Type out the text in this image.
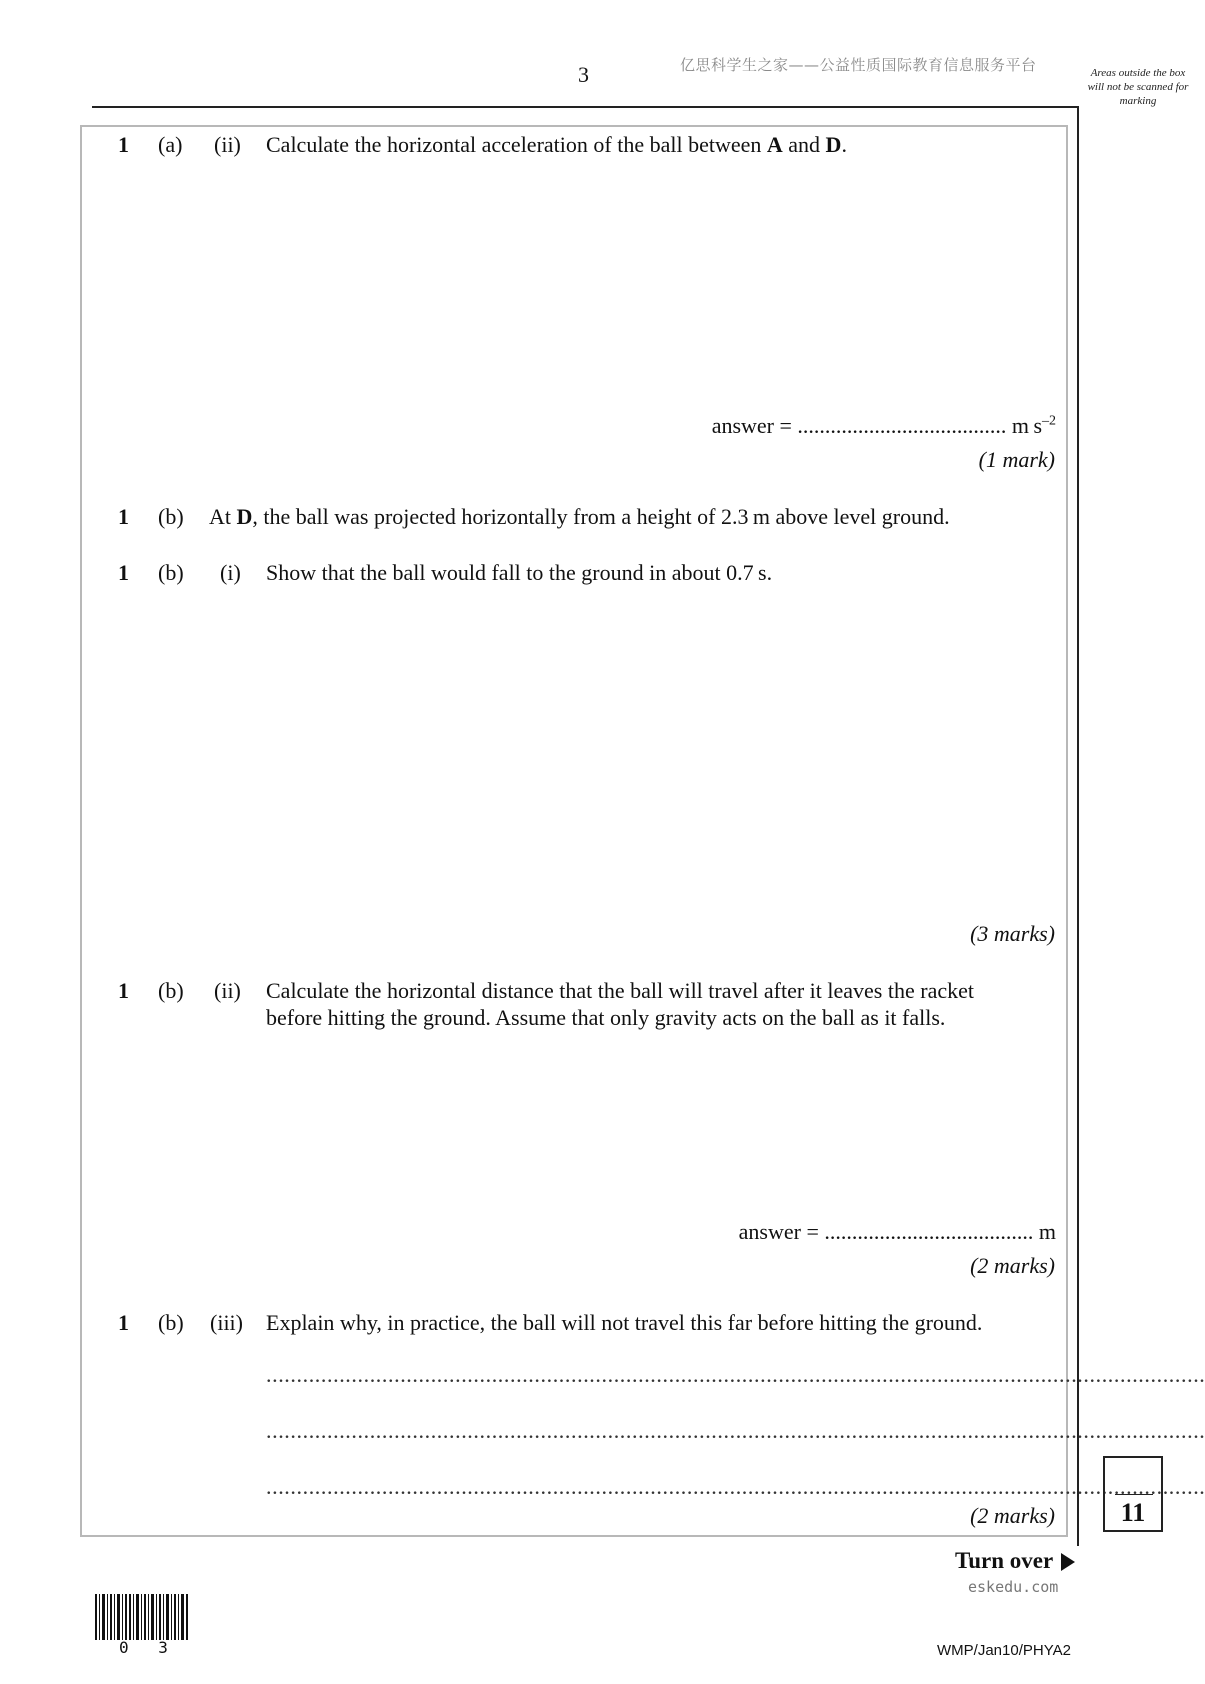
3	亿思科学生之家——公益性质国际教育信息服务平台	Areas outside the box will not be scanned for marking
1 (a) (ii) Calculate the horizontal acceleration of the ball between A and D.
answer = ...................................... m $s^{-2}$
(1 mark)
1 (b) At D, the ball was projected horizontally from a height of 2.3 m above level ground.
1 (b) (i) Show that the ball would fall to the ground in about 0.7 s.
(3 marks)
1 (b) (ii) Calculate the horizontal distance that the ball will travel after it leaves the racket
before hitting the ground. Assume that only gravity acts on the ball as it falls.
answer = ...................................... m
(2 marks)
1 (b) (iii) Explain why, in practice, the ball will not travel this far before hitting the ground.
..........................................................................................................................................................
..........................................................................................................................................................
..........................................................................................................................................................
(2 marks)	11
Turn over
eskedu.com
0 3	WMP/Jan10/PHYA2
